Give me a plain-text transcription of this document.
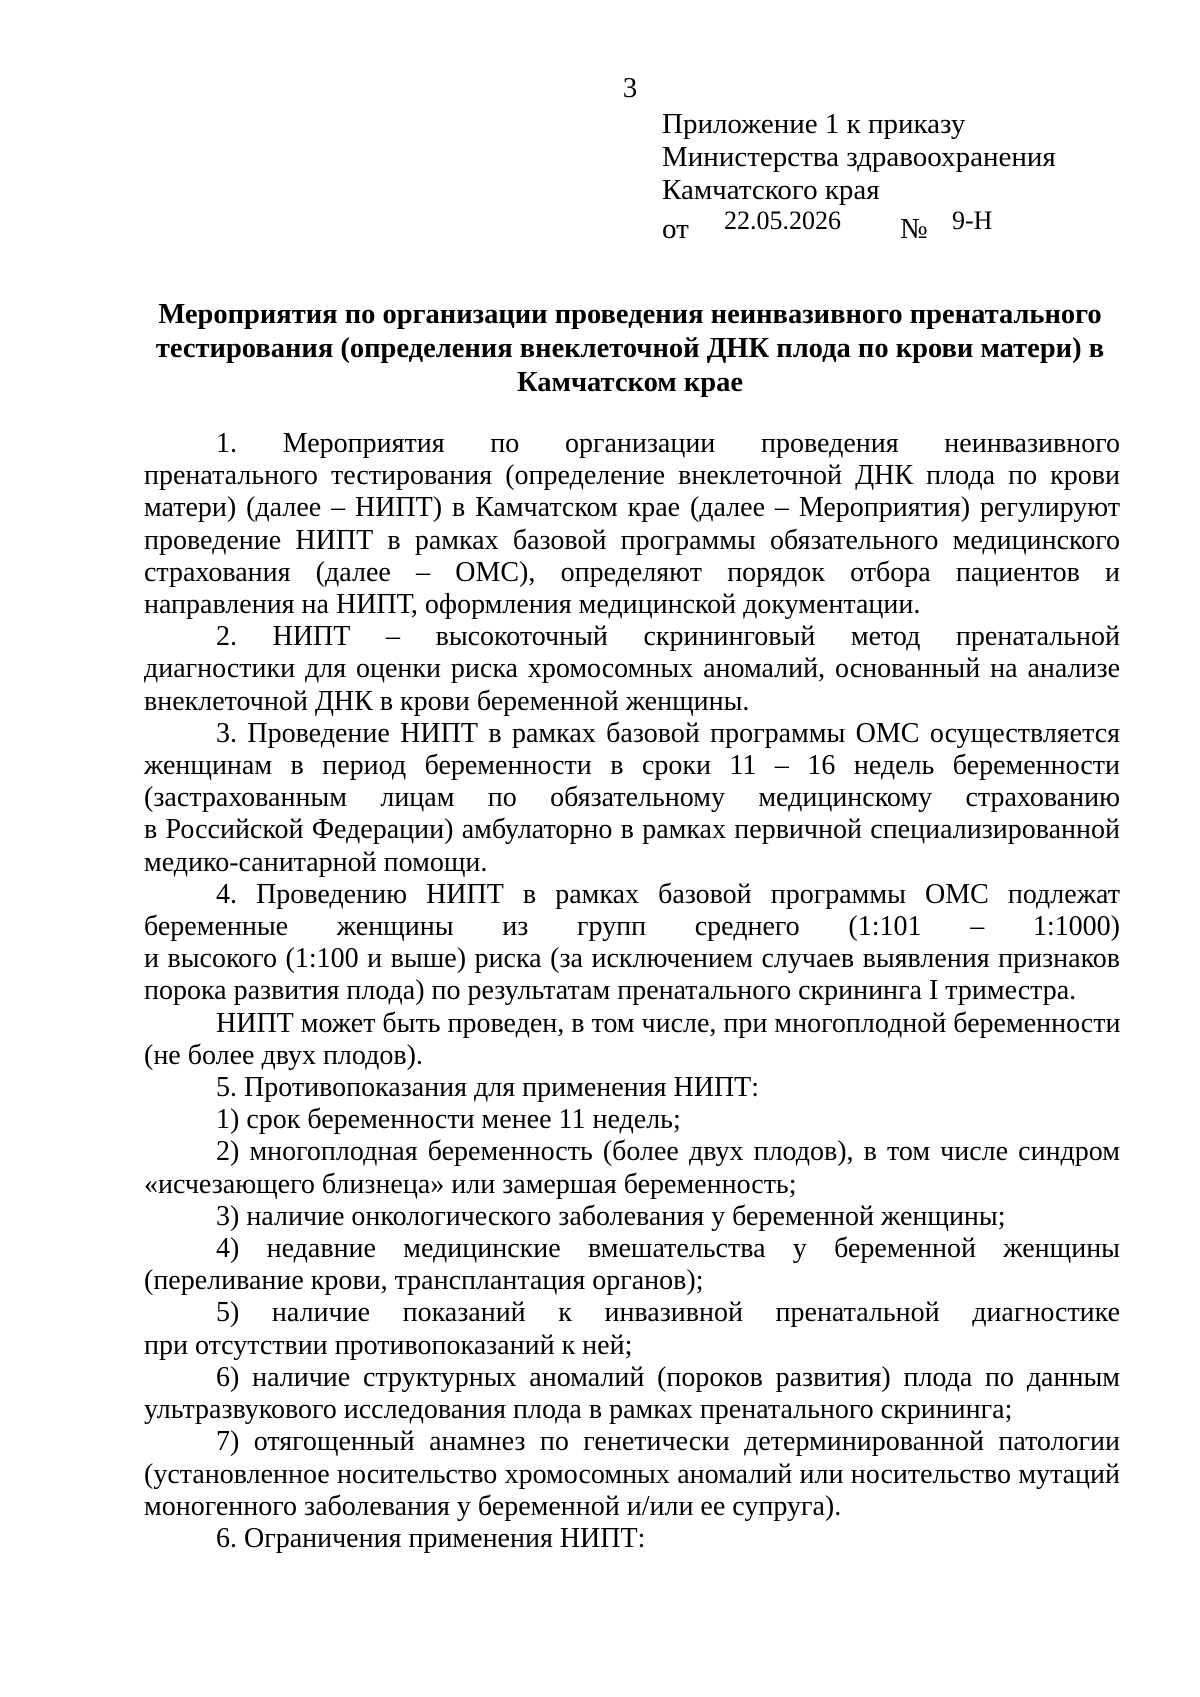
3
Приложение 1 к приказу
Министерства здравоохранения
Камчатского края
от 22.05.2026 № 9-Н
Мероприятия по организации проведения неинвазивного пренатального
тестирования (определения внеклеточной ДНК плода по крови матери) в
Камчатском крае
1. Мероприятия по организации проведения неинвазивного
пренатального тестирования (определение внеклеточной ДНК плода по крови
матери) (далее – НИПТ) в Камчатском крае (далее – Мероприятия) регулируют
проведение НИПТ в рамках базовой программы обязательного медицинского
страхования (далее – ОМС), определяют порядок отбора пациентов и
направления на НИПТ, оформления медицинской документации.
2. НИПТ – высокоточный скрининговый метод пренатальной
диагностики для оценки риска хромосомных аномалий, основанный на анализе
внеклеточной ДНК в крови беременной женщины.
3. Проведение НИПТ в рамках базовой программы ОМС осуществляется
женщинам в период беременности в сроки 11 – 16 недель беременности
(застрахованным лицам по обязательному медицинскому страхованию
в Российской Федерации) амбулаторно в рамках первичной специализированной
медико-санитарной помощи.
4. Проведению НИПТ в рамках базовой программы ОМС подлежат
беременные женщины из групп среднего (1:101 – 1:1000)
и высокого (1:100 и выше) риска (за исключением случаев выявления признаков
порока развития плода) по результатам пренатального скрининга I триместра.
НИПТ может быть проведен, в том числе, при многоплодной беременности
(не более двух плодов).
5. Противопоказания для применения НИПТ:
1) срок беременности менее 11 недель;
2) многоплодная беременность (более двух плодов), в том числе синдром
«исчезающего близнеца» или замершая беременность;
3) наличие онкологического заболевания у беременной женщины;
4) недавние медицинские вмешательства у беременной женщины
(переливание крови, трансплантация органов);
5) наличие показаний к инвазивной пренатальной диагностике
при отсутствии противопоказаний к ней;
6) наличие структурных аномалий (пороков развития) плода по данным
ультразвукового исследования плода в рамках пренатального скрининга;
7) отягощенный анамнез по генетически детерминированной патологии
(установленное носительство хромосомных аномалий или носительство мутаций
моногенного заболевания у беременной и/или ее супруга).
6. Ограничения применения НИПТ:
